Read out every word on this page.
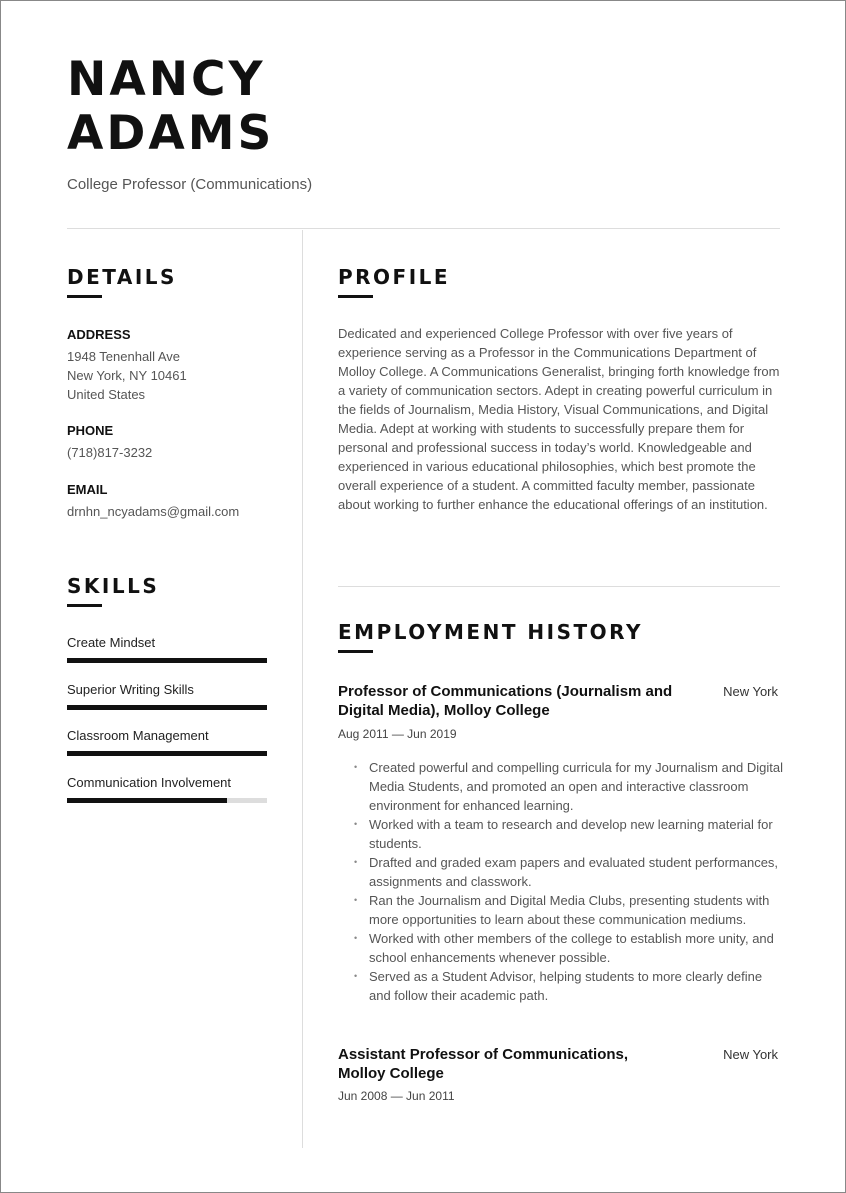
NANCY
ADAMS
College Professor (Communications)
DETAILS
ADDRESS
1948 Tenenhall Ave
New York, NY 10461
United States
PHONE
(718)817-3232
EMAIL
drnhn_ncyadams@gmail.com
SKILLS
Create Mindset
Superior Writing Skills
Classroom Management
Communication Involvement
PROFILE

Dedicated and experienced College Professor with over five years of experience serving as a Professor in the Communications Department of Molloy College. A Communications Generalist, bringing forth knowledge from a variety of communication sectors. Adept in creating powerful curriculum in the fields of Journalism, Media History, Visual Communications, and Digital Media. Adept at working with students to successfully prepare them for personal and professional success in today’s world. Knowledgeable and experienced in various educational philosophies, which best promote the overall experience of a student. A committed faculty member, passionate about working to further enhance the educational offerings of an institution.

EMPLOYMENT HISTORY
Professor of Communications (Journalism and Digital Media), Molloy College
New York
Aug 2011 — Jun 2019
• Created powerful and compelling curricula for my Journalism and Digital Media Students, and promoted an open and interactive classroom environment for enhanced learning.
• Worked with a team to research and develop new learning material for students.
• Drafted and graded exam papers and evaluated student performances, assignments and classwork.
• Ran the Journalism and Digital Media Clubs, presenting students with more opportunities to learn about these communication mediums.
• Worked with other members of the college to establish more unity, and school enhancements whenever possible.
• Served as a Student Advisor, helping students to more clearly define and follow their academic path.
Assistant Professor of Communications, Molloy College
New York
Jun 2008 — Jun 2011
